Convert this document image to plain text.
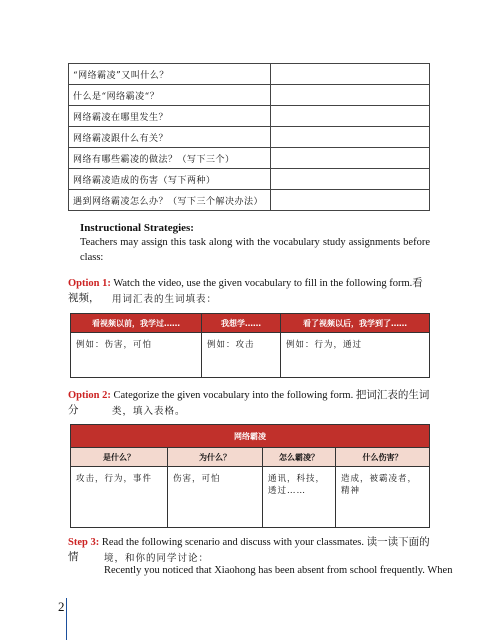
“网络霸凌”又叫什么？	
什么是“网络霸凌“？	
网络霸凌在哪里发生？	
网络霸凌跟什么有关？	
网络有哪些霸凌的做法？（写下三个）	
网络霸凌造成的伤害（写下两种）	
遇到网络霸凌怎么办？（写下三个解决办法）	
Instructional Strategies:
Teachers may assign this task along with the vocabulary study assignments before class:
Option 1: Watch the video, use the given vocabulary to fill in the following form.看视频，	用词汇表的生词填表：
看视频以前，我学过……	我想学……	看了视频以后，我学到了……
例如：伤害，可怕	例如：攻击	例如：行为，通过
Option 2: Categorize the given vocabulary into the following form. 把词汇表的生词分	类，填入表格。
网络霸凌			
是什么？	为什么？	怎么霸凌？	什么伤害？
攻击，行为，事件	伤害，可怕	通讯，科技，透过……	造成，被霸凌者，精神
Step 3: Read the following scenario and discuss with your classmates. 读一读下面的情	境，和你的同学讨论：
Recently you noticed that Xiaohong has been absent from school frequently. When
2
